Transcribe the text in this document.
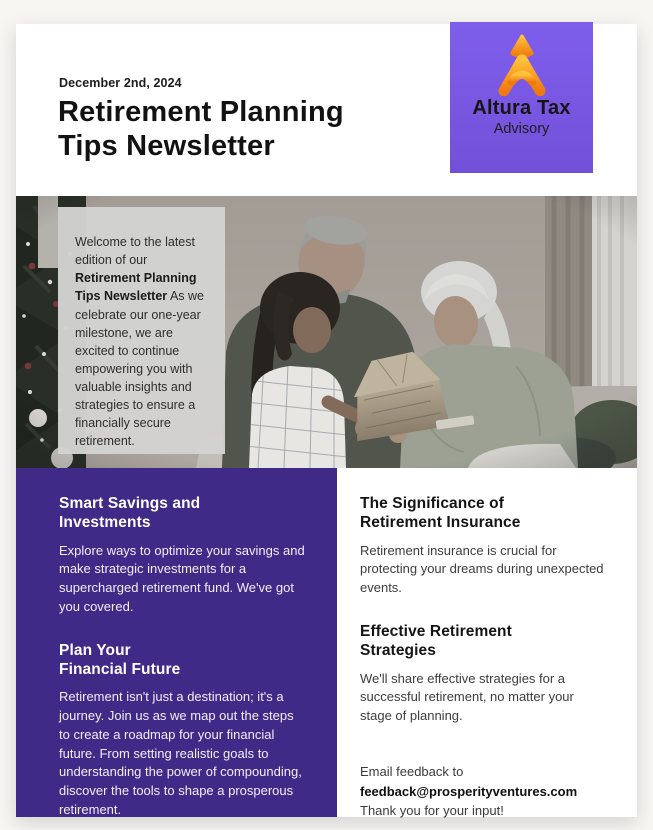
December 2nd, 2024
Retirement Planning
Tips Newsletter
Altura Tax
Advisory
Welcome to the latest edition of our Retirement Planning Tips Newsletter As we celebrate our one-year milestone, we are excited to continue empowering you with valuable insights and strategies to ensure a financially secure retirement.
Smart Savings and
Investments

Explore ways to optimize your savings and make strategic investments for a supercharged retirement fund. We've got you covered.

Plan Your
Financial Future

Retirement isn't just a destination; it's a journey. Join us as we map out the steps to create a roadmap for your financial future. From setting realistic goals to understanding the power of compounding, discover the tools to shape a prosperous retirement.

The Significance of
Retirement Insurance

Retirement insurance is crucial for protecting your dreams during unexpected events.

Effective Retirement
Strategies

We'll share effective strategies for a successful retirement, no matter your stage of planning.

Email feedback to
feedback@prosperityventures.com
Thank you for your input!
